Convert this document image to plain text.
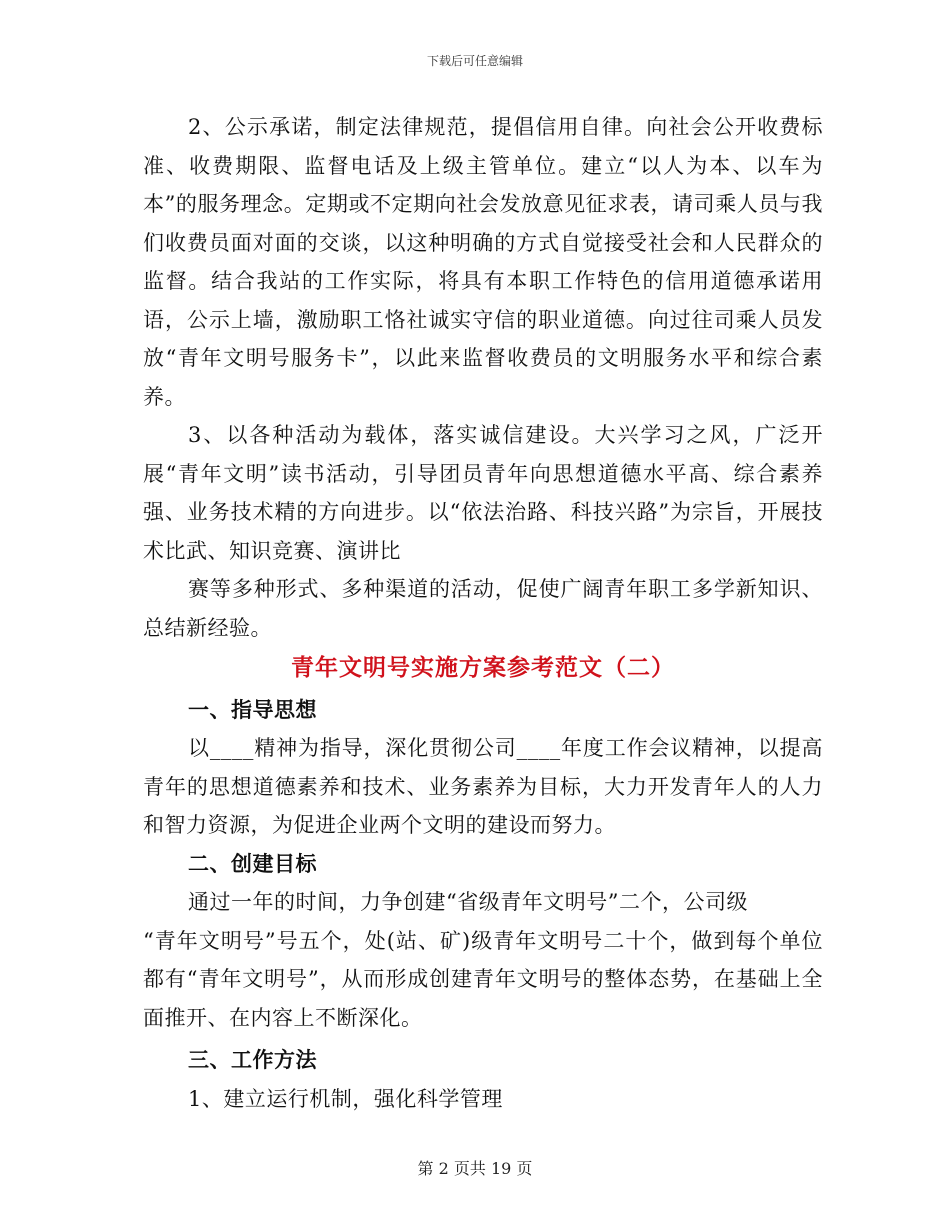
下载后可任意编辑

2、公示承诺，制定法律规范，提倡信用自律。向社会公开收费标准、收费期限、监督电话及上级主管单位。建立“以人为本、以车为本”的服务理念。定期或不定期向社会发放意见征求表，请司乘人员与我们收费员面对面的交谈，以这种明确的方式自觉接受社会和人民群众的监督。结合我站的工作实际，将具有本职工作特色的信用道德承诺用语，公示上墙，激励职工恪社诚实守信的职业道德。向过往司乘人员发放“青年文明号服务卡”，以此来监督收费员的文明服务水平和综合素养。

3、以各种活动为载体，落实诚信建设。大兴学习之风，广泛开展“青年文明”读书活动，引导团员青年向思想道德水平高、综合素养强、业务技术精的方向进步。以“依法治路、科技兴路”为宗旨，开展技术比武、知识竞赛、演讲比

赛等多种形式、多种渠道的活动，促使广阔青年职工多学新知识、总结新经验。

青年文明号实施方案参考范文（二）

一、指导思想

以____精神为指导，深化贯彻公司____年度工作会议精神，以提高青年的思想道德素养和技术、业务素养为目标，大力开发青年人的人力和智力资源，为促进企业两个文明的建设而努力。

二、创建目标

通过一年的时间，力争创建“省级青年文明号”二个，公司级

“青年文明号”号五个，处(站、矿)级青年文明号二十个，做到每个单位都有“青年文明号”，从而形成创建青年文明号的整体态势，在基础上全面推开、在内容上不断深化。

三、工作方法

1、建立运行机制，强化科学管理

第 2 页共 19 页
